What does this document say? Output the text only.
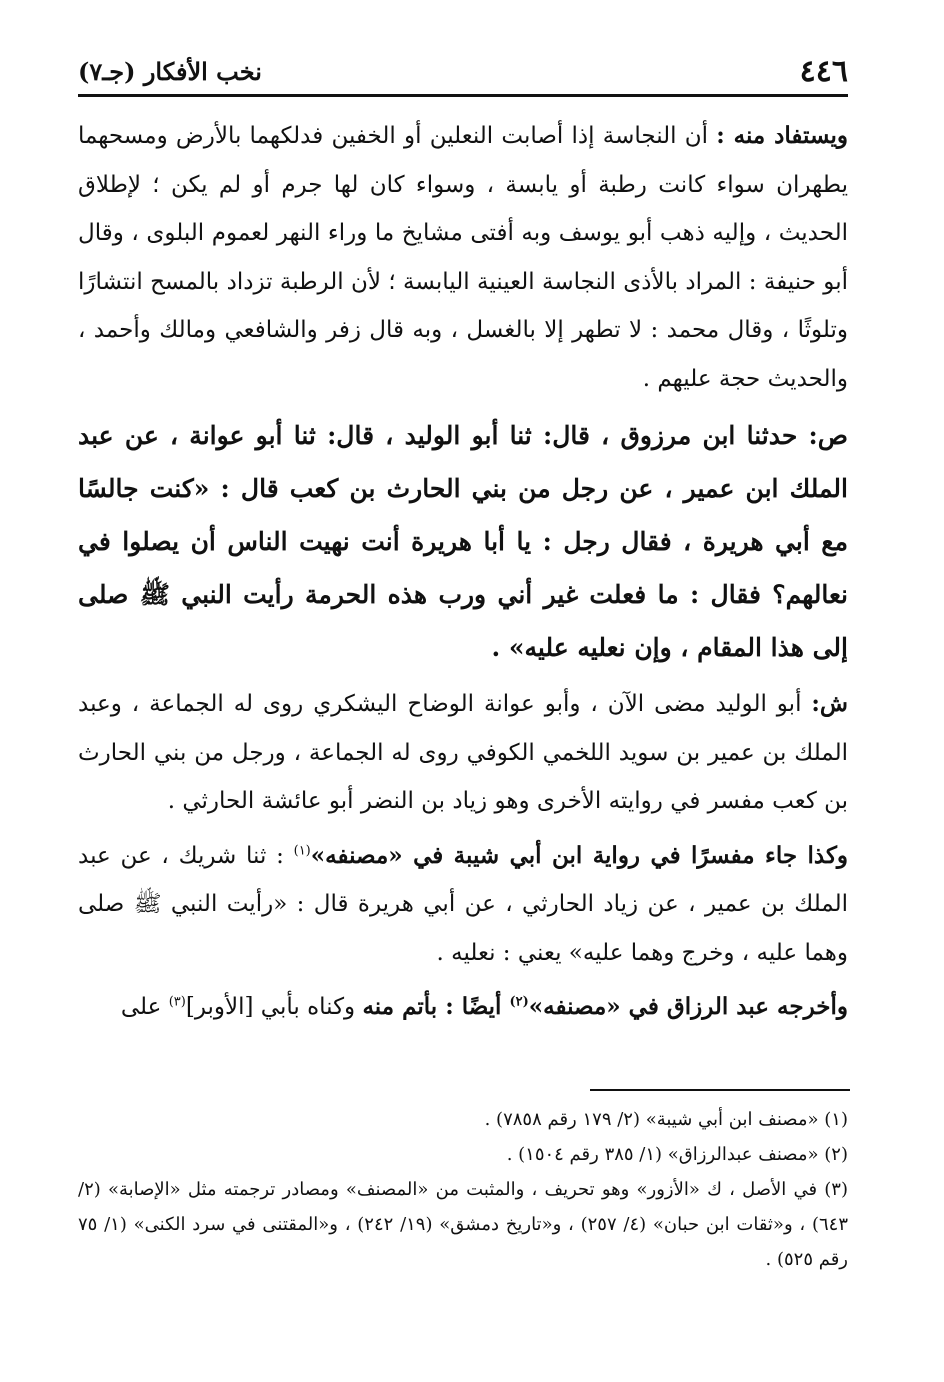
٤٤٦
نخب الأفكار (جـ٧)

ويستفاد منه : أن النجاسة إذا أصابت النعلين أو الخفين فدلكهما بالأرض ومسحهما يطهران سواء كانت رطبة أو يابسة ، وسواء كان لها جرم أو لم يكن ؛ لإطلاق الحديث ، وإليه ذهب أبو يوسف وبه أفتى مشايخ ما وراء النهر لعموم البلوى ، وقال أبو حنيفة : المراد بالأذى النجاسة العينية اليابسة ؛ لأن الرطبة تزداد بالمسح انتشارًا وتلوثًا ، وقال محمد : لا تطهر إلا بالغسل ، وبه قال زفر والشافعي ومالك وأحمد ، والحديث حجة عليهم .

ص: حدثنا ابن مرزوق ، قال: ثنا أبو الوليد ، قال: ثنا أبو عوانة ، عن عبد الملك ابن عمير ، عن رجل من بني الحارث بن كعب قال : «كنت جالسًا مع أبي هريرة ، فقال رجل : يا أبا هريرة أنت نهيت الناس أن يصلوا في نعالهم؟ فقال : ما فعلت غير أني ورب هذه الحرمة رأيت النبي ﷺ صلى إلى هذا المقام ، وإن نعليه عليه» .

ش: أبو الوليد مضى الآن ، وأبو عوانة الوضاح اليشكري روى له الجماعة ، وعبد الملك بن عمير بن سويد اللخمي الكوفي روى له الجماعة ، ورجل من بني الحارث بن كعب مفسر في روايته الأخرى وهو زياد بن النضر أبو عائشة الحارثي .

وكذا جاء مفسرًا في رواية ابن أبي شيبة في «مصنفه»$^{(١)}$ : ثنا شريك ، عن عبد الملك بن عمير ، عن زياد الحارثي ، عن أبي هريرة قال : «رأيت النبي ﷺ صلى وهما عليه ، وخرج وهما عليه» يعني : نعليه .

وأخرجه عبد الرزاق في «مصنفه»$^{(٢)}$ أيضًا : بأتم منه وكناه بأبي [الأوبر]$^{(٣)}$ على

(١) «مصنف ابن أبي شيبة» (٢/ ١٧٩ رقم ٧٨٥٨) .
(٢) «مصنف عبدالرزاق» (١/ ٣٨٥ رقم ١٥٠٤) .
(٣) في الأصل ، ك «الأزور» وهو تحريف ، والمثبت من «المصنف» ومصادر ترجمته مثل «الإصابة» (٢/ ٦٤٣) ، و«ثقات ابن حبان» (٤/ ٢٥٧) ، و«تاريخ دمشق» (١٩/ ٢٤٢) ، و«المقتنى في سرد الكنى» (١/ ٧٥ رقم ٥٢٥) .
